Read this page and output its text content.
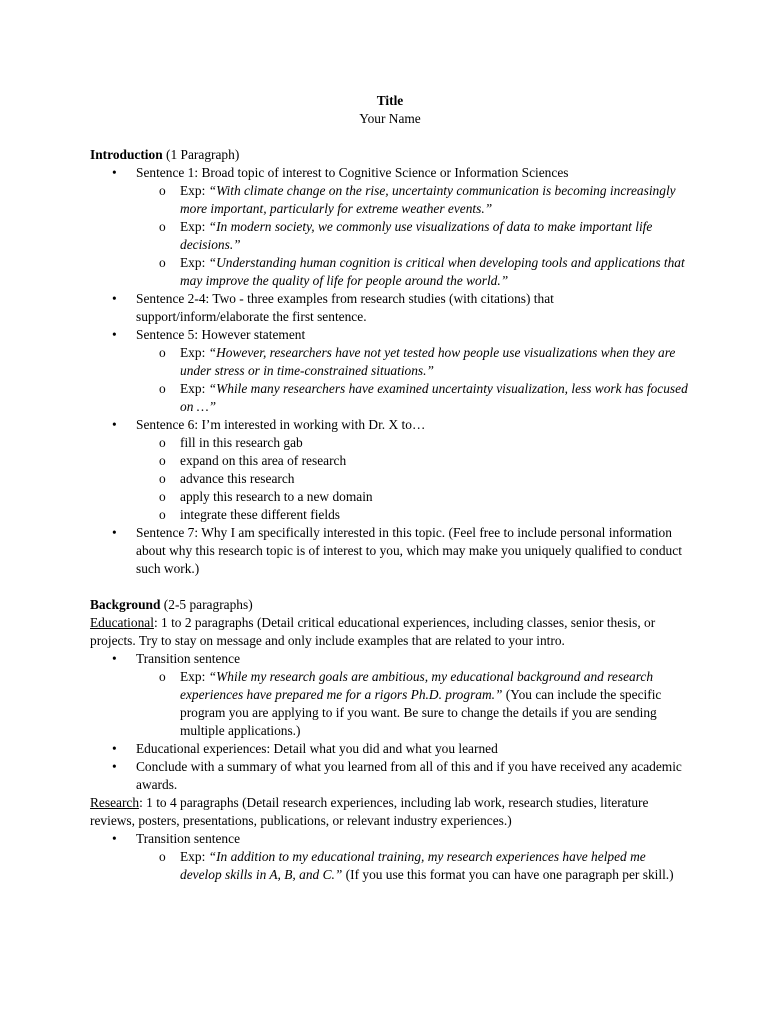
Title

Your Name

Introduction (1 Paragraph)

• Sentence 1: Broad topic of interest to Cognitive Science or Information Sciences
o Exp: “With climate change on the rise, uncertainty communication is becoming increasingly more important, particularly for extreme weather events.”
o Exp: “In modern society, we commonly use visualizations of data to make important life decisions.”
o Exp: “Understanding human cognition is critical when developing tools and applications that may improve the quality of life for people around the world.”
• Sentence 2-4: Two - three examples from research studies (with citations) that support/inform/elaborate the first sentence.
• Sentence 5: However statement
o Exp: “However, researchers have not yet tested how people use visualizations when they are under stress or in time-constrained situations.”
o Exp: “While many researchers have examined uncertainty visualization, less work has focused on …”
• Sentence 6: I’m interested in working with Dr. X to…
o fill in this research gab
o expand on this area of research
o advance this research
o apply this research to a new domain
o integrate these different fields
• Sentence 7: Why I am specifically interested in this topic. (Feel free to include personal information about why this research topic is of interest to you, which may make you uniquely qualified to conduct such work.)

Background (2-5 paragraphs)

Educational: 1 to 2 paragraphs (Detail critical educational experiences, including classes, senior thesis, or projects. Try to stay on message and only include examples that are related to your intro.

• Transition sentence
o Exp: “While my research goals are ambitious, my educational background and research experiences have prepared me for a rigors Ph.D. program.” (You can include the specific program you are applying to if you want. Be sure to change the details if you are sending multiple applications.)
• Educational experiences: Detail what you did and what you learned
• Conclude with a summary of what you learned from all of this and if you have received any academic awards.

Research: 1 to 4 paragraphs (Detail research experiences, including lab work, research studies, literature reviews, posters, presentations, publications, or relevant industry experiences.)

• Transition sentence
o Exp: “In addition to my educational training, my research experiences have helped me develop skills in A, B, and C.” (If you use this format you can have one paragraph per skill.)
